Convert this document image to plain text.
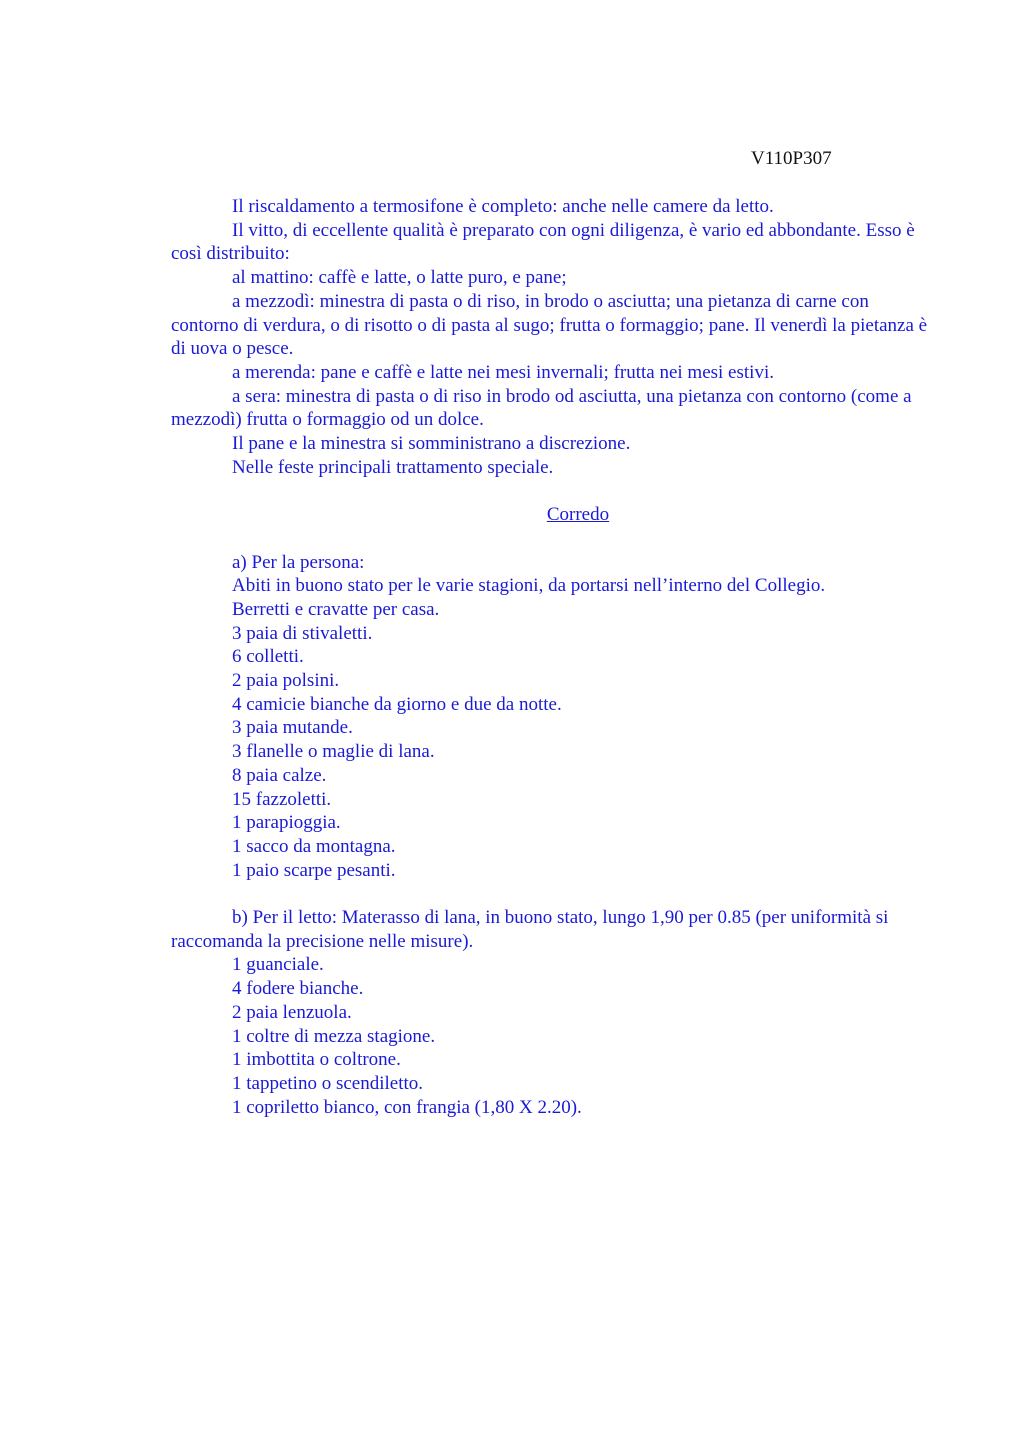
V110P307

Il riscaldamento a termosifone è completo: anche nelle camere da letto.

Il vitto, di eccellente qualità è preparato con ogni diligenza, è vario ed abbondante. Esso è così distribuito:

al mattino: caffè e latte, o latte puro, e pane;

a mezzodì: minestra di pasta o di riso, in brodo o asciutta; una pietanza di carne con contorno di verdura, o di risotto o di pasta al sugo; frutta o formaggio; pane. Il venerdì la pietanza è di uova o pesce.

a merenda: pane e caffè e latte nei mesi invernali; frutta nei mesi estivi.

a sera: minestra di pasta o di riso in brodo od asciutta, una pietanza con contorno (come a mezzodì) frutta o formaggio od un dolce.

Il pane e la minestra si somministrano a discrezione.

Nelle feste principali trattamento speciale.

Corredo

a) Per la persona:

Abiti in buono stato per le varie stagioni, da portarsi nell’interno del Collegio.

Berretti e cravatte per casa.

3 paia di stivaletti.

6 colletti.

2 paia polsini.

4 camicie bianche da giorno e due da notte.

3 paia mutande.

3 flanelle o maglie di lana.

8 paia calze.

15 fazzoletti.

1 parapioggia.

1 sacco da montagna.

1 paio scarpe pesanti.

b) Per il letto: Materasso di lana, in buono stato, lungo 1,90 per 0.85 (per uniformità si raccomanda la precisione nelle misure).

1 guanciale.

4 fodere bianche.

2 paia lenzuola.

1 coltre di mezza stagione.

1 imbottita o coltrone.

1 tappetino o scendiletto.

1 copriletto bianco, con frangia (1,80 X 2.20).
